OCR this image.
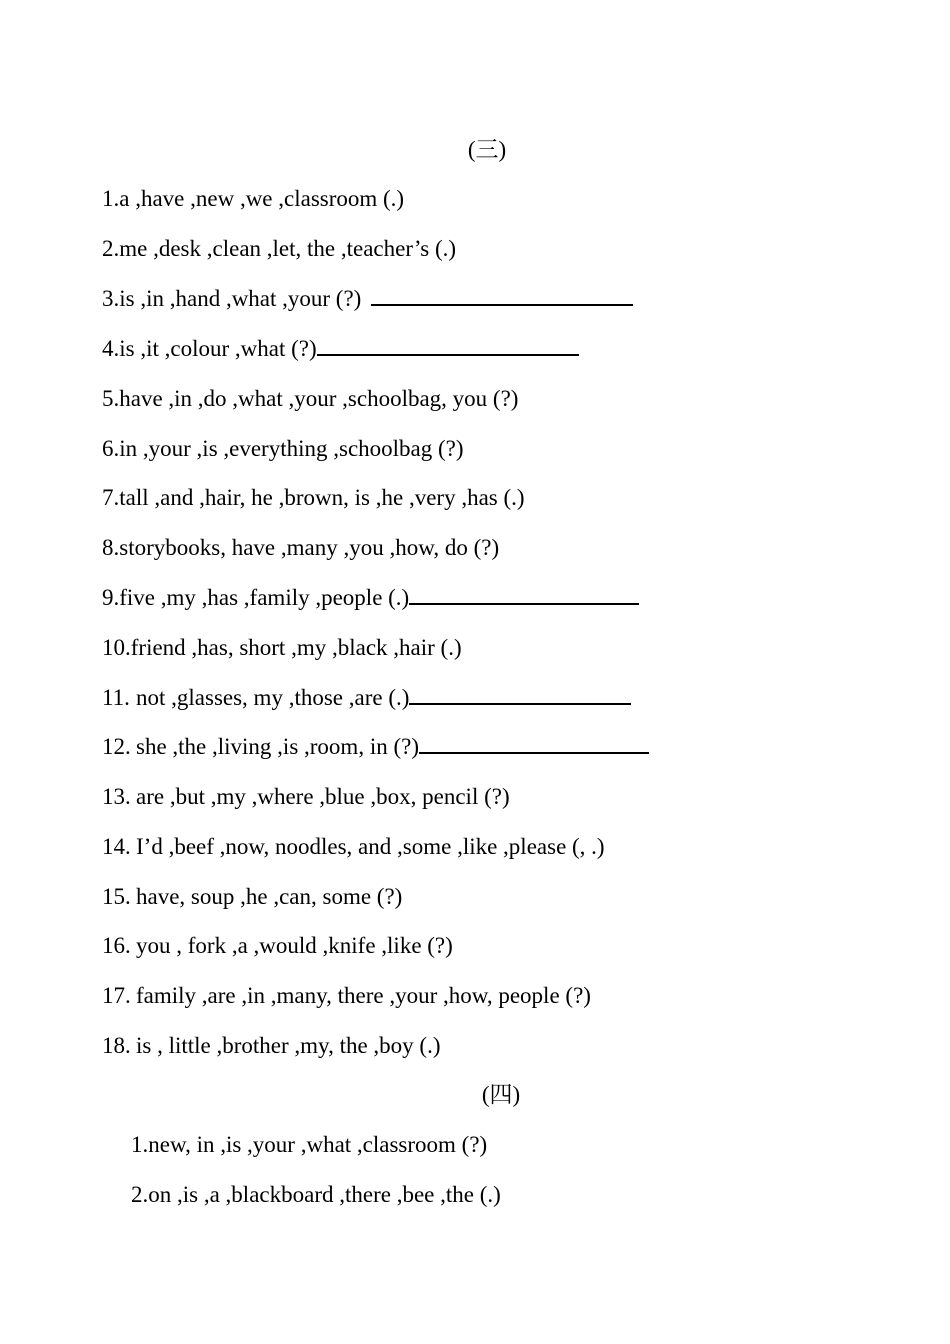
(三)
1.a ,have ,new ,we ,classroom (.)
2.me ,desk ,clean ,let, the ,teacher’s (.)
3.is ,in ,hand ,what ,your (?)
4.is ,it ,colour ,what (?)
5.have ,in ,do ,what ,your ,schoolbag, you (?)
6.in ,your ,is ,everything ,schoolbag (?)
7.tall ,and ,hair, he ,brown, is ,he ,very ,has (.)
8.storybooks, have ,many ,you ,how, do (?)
9.five ,my ,has ,family ,people (.)
10.friend ,has, short ,my ,black ,hair (.)
11. not ,glasses, my ,those ,are (.)
12. she ,the ,living ,is ,room, in (?)
13. are ,but ,my ,where ,blue ,box, pencil (?)
14. I’d ,beef ,now, noodles, and ,some ,like ,please (, .)
15. have, soup ,he ,can, some (?)
16. you , fork ,a ,would ,knife ,like (?)
17. family ,are ,in ,many, there ,your ,how, people (?)
18. is , little ,brother ,my, the ,boy (.)
(四)
1.new, in ,is ,your ,what ,classroom (?)
2.on ,is ,a ,blackboard ,there ,bee ,the (.)
